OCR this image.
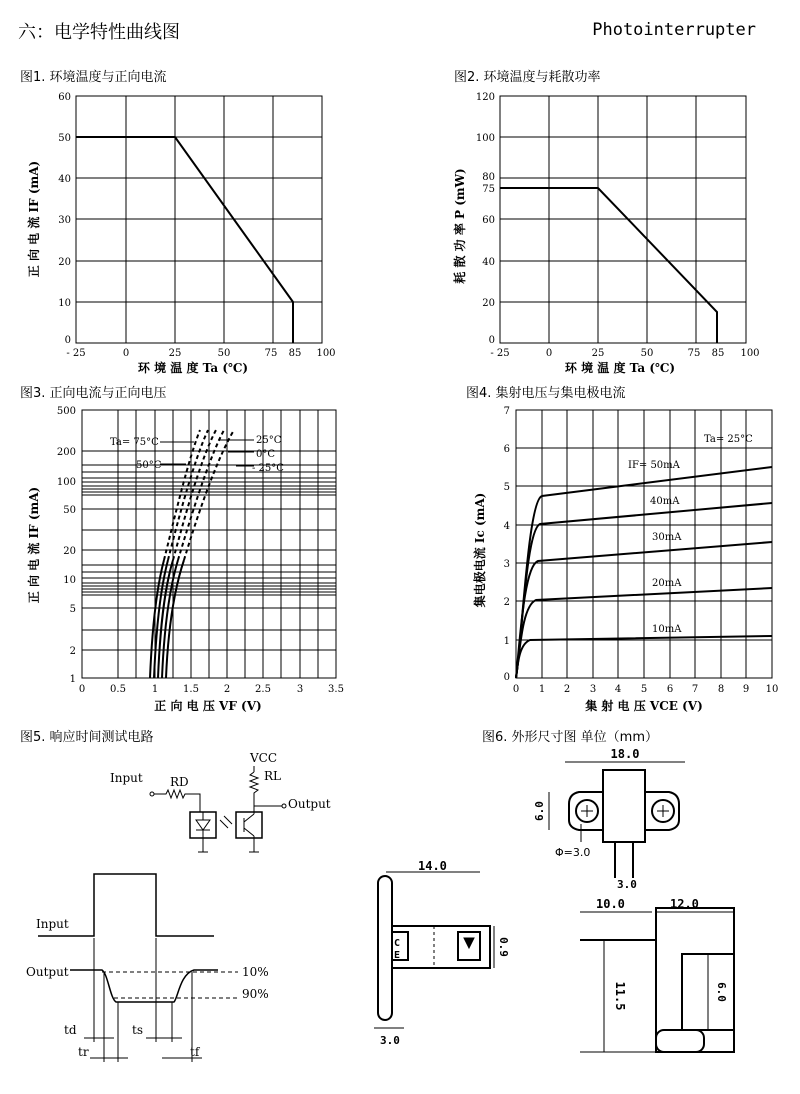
六：电学特性曲线图	Photointerrupter
图1. 环境温度与正向电流
60
50
40
30
20
10
0
- 25	0	25	50	75 85 100
环 境 温 度 Ta (℃)
正 向 电 流 IF (mA)
图2. 环境温度与耗散功率
120
100
80
75
60
40
20
0
- 25	0	25	50	75 85 100
环 境 温 度 Ta (℃)
耗 散 功 率 P (mW)
图3. 正向电流与正向电压
Ta= 75°C
50°C
25°C
0°C
- 25°C
500
200
100
50
20
10
5
2
1
0 0.5	1 1.5 2 2.5	3 3.5
正 向 电 压 VF (V)
正 向 电 流 IF (mA)
图4. 集射电压与集电极电流
Ta= 25°C
IF= 50mA
40mA
30mA
20mA
10mA
7
6
5
4
3
2
1
0
0 1 2 3 4 5 6 7 8 9 10
集 射 电 压 VCE (V)
集电极电流 Ic (mA)
图5. 响应时间测试电路
Input RD
VCC
RL
Output
Input
Output	10%
90%
td
tr
ts
tf
图6. 外形尺寸图 单位（mm）
18.0
6.0
Φ=3.0
3.0
14.0
C
E	0.9
3.0
10.0	12.0
11.5	6.0
